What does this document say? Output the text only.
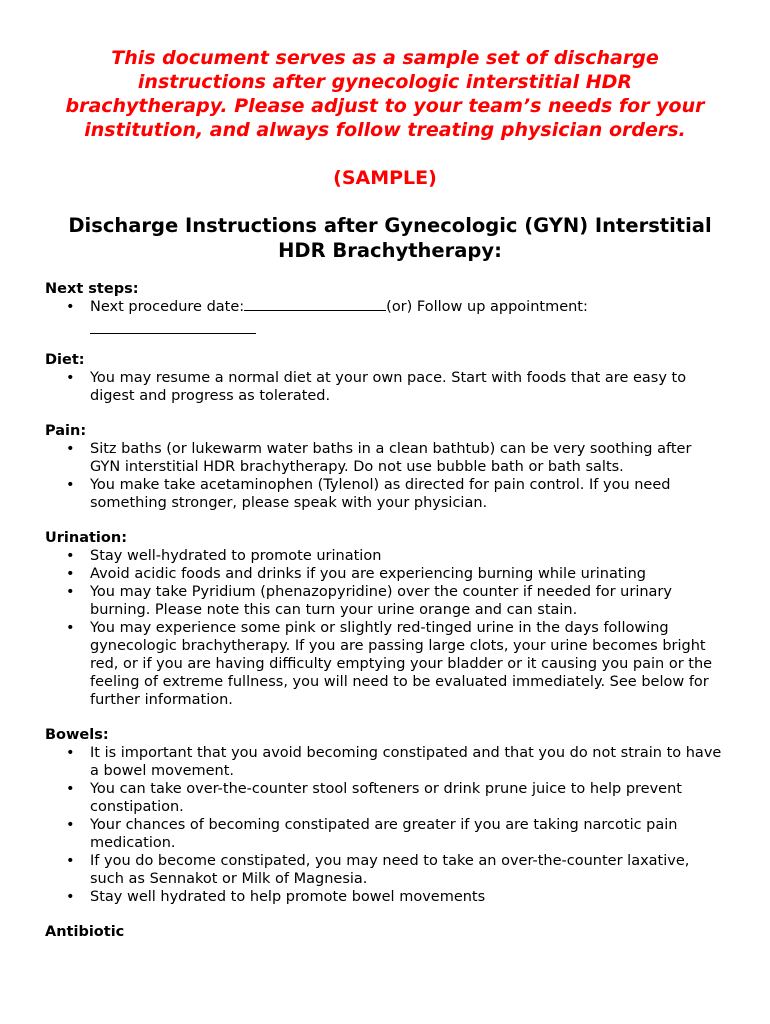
This document serves as a sample set of discharge instructions after gynecologic interstitial HDR brachytherapy. Please adjust to your team’s needs for your institution, and always follow treating physician orders.
(SAMPLE)
Discharge Instructions after Gynecologic (GYN) Interstitial HDR Brachytherapy:
Next steps:
• Next procedure date:	(or) Follow up appointment:
Diet:
• You may resume a normal diet at your own pace. Start with foods that are easy to digest and progress as tolerated.
Pain:
• Sitz baths (or lukewarm water baths in a clean bathtub) can be very soothing after GYN interstitial HDR brachytherapy. Do not use bubble bath or bath salts.
• You make take acetaminophen (Tylenol) as directed for pain control. If you need something stronger, please speak with your physician.
Urination:
• Stay well-hydrated to promote urination
• Avoid acidic foods and drinks if you are experiencing burning while urinating
• You may take Pyridium (phenazopyridine) over the counter if needed for urinary burning. Please note this can turn your urine orange and can stain.
• You may experience some pink or slightly red-tinged urine in the days following gynecologic brachytherapy. If you are passing large clots, your urine becomes bright red, or if you are having difficulty emptying your bladder or it causing you pain or the feeling of extreme fullness, you will need to be evaluated immediately. See below for further information.
Bowels:
• It is important that you avoid becoming constipated and that you do not strain to have a bowel movement.
• You can take over-the-counter stool softeners or drink prune juice to help prevent constipation.
• Your chances of becoming constipated are greater if you are taking narcotic pain medication.
• If you do become constipated, you may need to take an over-the-counter laxative, such as Sennakot or Milk of Magnesia.
• Stay well hydrated to help promote bowel movements
Antibiotic
